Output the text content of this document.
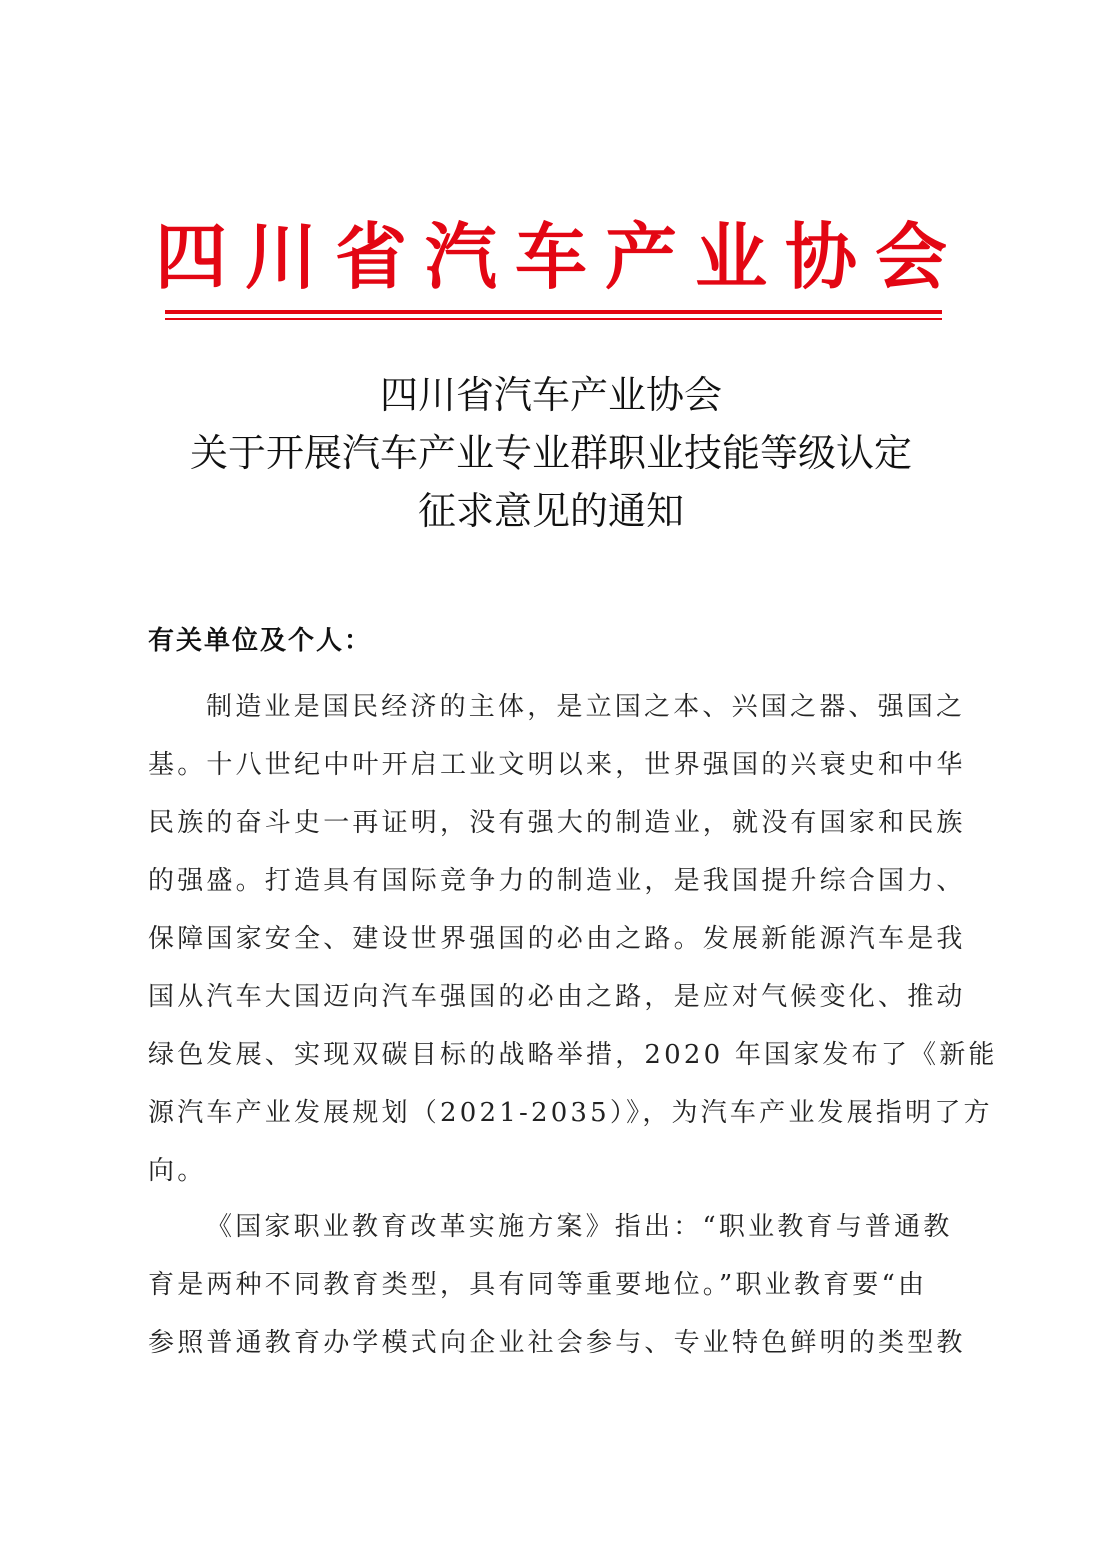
四川省汽车产业协会
四川省汽车产业协会
关于开展汽车产业专业群职业技能等级认定
征求意见的通知
有关单位及个人：
制造业是国民经济的主体，是立国之本、兴国之器、强国之
基。十八世纪中叶开启工业文明以来，世界强国的兴衰史和中华
民族的奋斗史一再证明，没有强大的制造业，就没有国家和民族
的强盛。打造具有国际竞争力的制造业，是我国提升综合国力、
保障国家安全、建设世界强国的必由之路。发展新能源汽车是我
国从汽车大国迈向汽车强国的必由之路，是应对气候变化、推动
绿色发展、实现双碳目标的战略举措，2020 年国家发布了《新能
源汽车产业发展规划（2021-2035）》，为汽车产业发展指明了方
向。
《国家职业教育改革实施方案》指出：“职业教育与普通教
育是两种不同教育类型，具有同等重要地位。”职业教育要“由
参照普通教育办学模式向企业社会参与、专业特色鲜明的类型教
